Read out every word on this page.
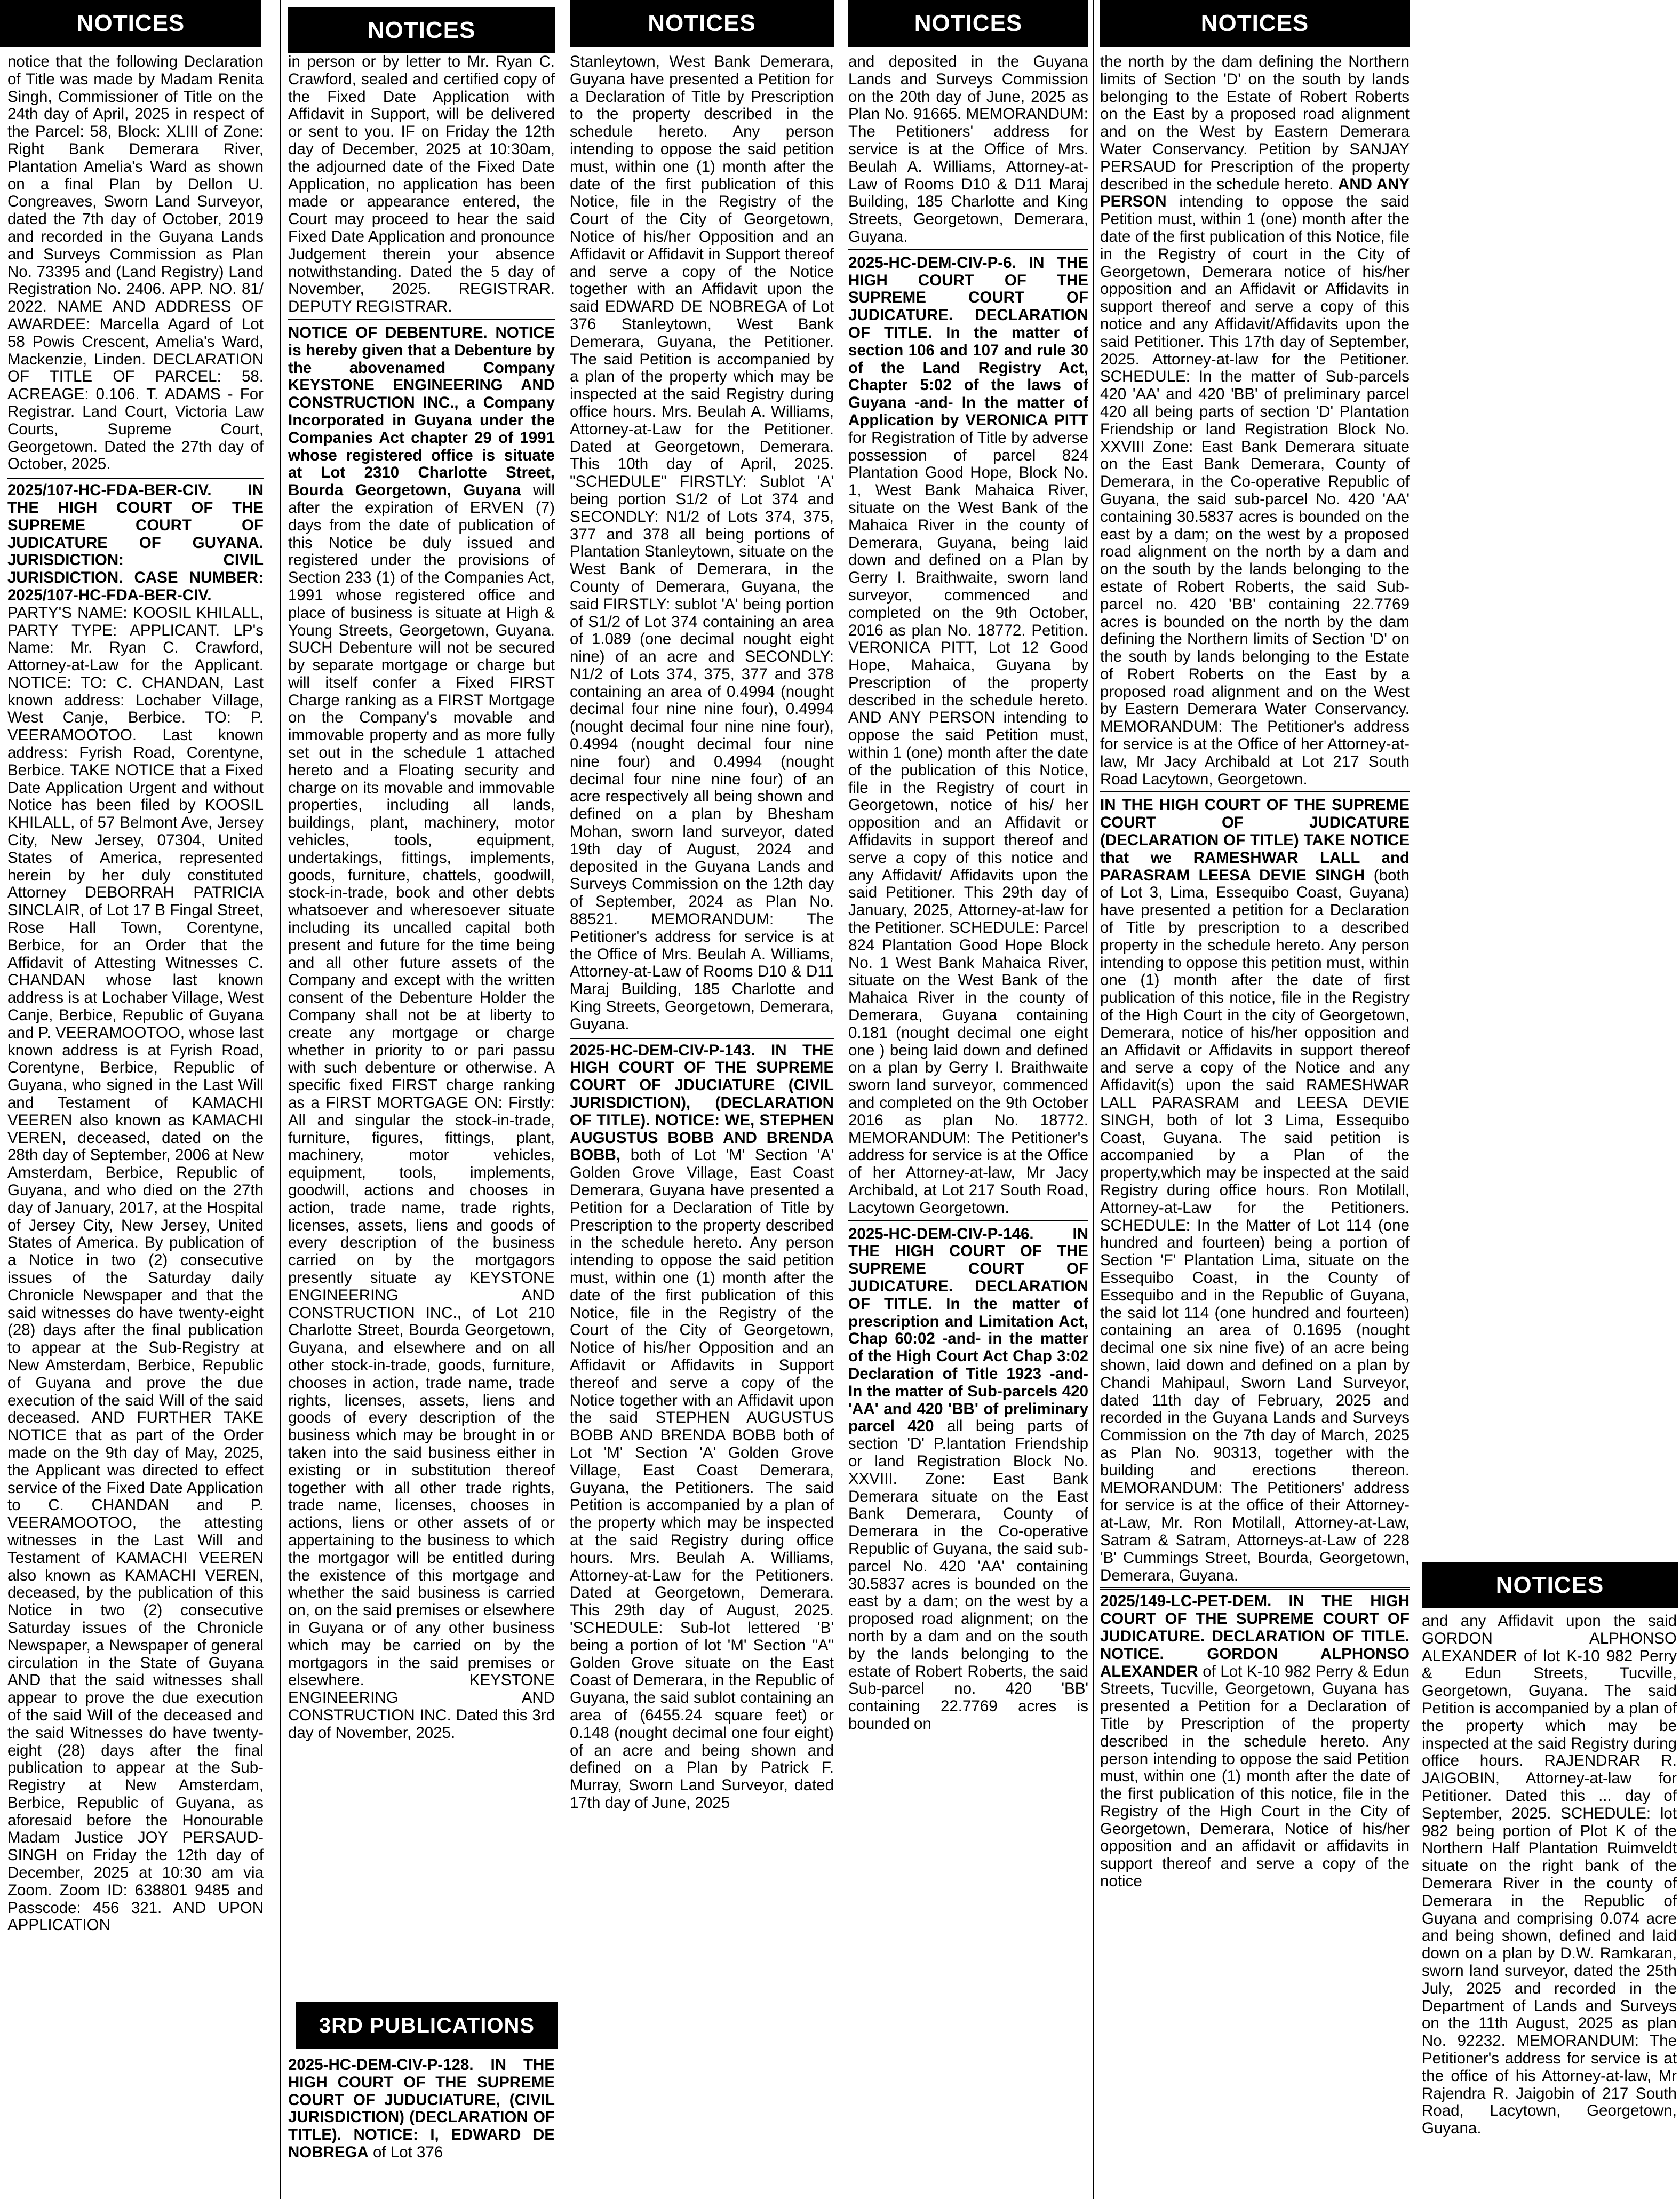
NOTICES	NOTICES	NOTICES	NOTICES	NOTICES
NOTICES
3RD PUBLICATIONS

notice that the following Declaration of Title was made by Madam Renita Singh, Commissioner of Title on the 24th day of April, 2025 in respect of the Parcel: 58, Block: XLIII of Zone: Right Bank Demerara River, Plantation Amelia's Ward as shown on a final Plan by Dellon U. Congreaves, Sworn Land Surveyor, dated the 7th day of October, 2019 and recorded in the Guyana Lands and Surveys Commission as Plan No. 73395 and (Land Registry) Land Registration No. 2406. APP. NO. 81/ 2022. NAME AND ADDRESS OF AWARDEE: Marcella Agard of Lot 58 Powis Crescent, Amelia's Ward, Mackenzie, Linden. DECLARATION OF TITLE OF PARCEL: 58. ACREAGE: 0.106. T. ADAMS - For Registrar. Land Court, Victoria Law Courts, Supreme Court, Georgetown. Dated the 27th day of October, 2025.

2025/107-HC-FDA-BER-CIV. IN THE HIGH COURT OF THE SUPREME COURT OF JUDICATURE OF GUYANA. JURISDICTION: CIVIL JURISDICTION. CASE NUMBER: 2025/107-HC-FDA-BER-CIV. PARTY'S NAME: KOOSIL KHILALL, PARTY TYPE: APPLICANT. LP's Name: Mr. Ryan C. Crawford, Attorney-at-Law for the Applicant. NOTICE: TO: C. CHANDAN, Last known address: Lochaber Village, West Canje, Berbice. TO: P. VEERAMOOTOO. Last known address: Fyrish Road, Corentyne, Berbice. TAKE NOTICE that a Fixed Date Application Urgent and without Notice has been filed by KOOSIL KHILALL, of 57 Belmont Ave, Jersey City, New Jersey, 07304, United States of America, represented herein by her duly constituted Attorney DEBORRAH PATRICIA SINCLAIR, of Lot 17 B Fingal Street, Rose Hall Town, Corentyne, Berbice, for an Order that the Affidavit of Attesting Witnesses C. CHANDAN whose last known address is at Lochaber Village, West Canje, Berbice, Republic of Guyana and P. VEERAMOOTOO, whose last known address is at Fyrish Road, Corentyne, Berbice, Republic of Guyana, who signed in the Last Will and Testament of KAMACHI VEEREN also known as KAMACHI VEREN, deceased, dated on the 28th day of September, 2006 at New Amsterdam, Berbice, Republic of Guyana, and who died on the 27th day of January, 2017, at the Hospital of Jersey City, New Jersey, United States of America. By publication of a Notice in two (2) consecutive issues of the Saturday daily Chronicle Newspaper and that the said witnesses do have twenty-eight (28) days after the final publication to appear at the Sub-Registry at New Amsterdam, Berbice, Republic of Guyana and prove the due execution of the said Will of the said deceased. AND FURTHER TAKE NOTICE that as part of the Order made on the 9th day of May, 2025, the Applicant was directed to effect service of the Fixed Date Application to C. CHANDAN and P. VEERAMOOTOO, the attesting witnesses in the Last Will and Testament of KAMACHI VEEREN also known as KAMACHI VEREN, deceased, by the publication of this Notice in two (2) consecutive Saturday issues of the Chronicle Newspaper, a Newspaper of general circulation in the State of Guyana AND that the said witnesses shall appear to prove the due execution of the said Will of the deceased and the said Witnesses do have twenty-eight (28) days after the final publication to appear at the Sub-Registry at New Amsterdam, Berbice, Republic of Guyana, as aforesaid before the Honourable Madam Justice JOY PERSAUD-SINGH on Friday the 12th day of December, 2025 at 10:30 am via Zoom. Zoom ID: 638801 9485 and Passcode: 456 321. AND UPON APPLICATION

in person or by letter to Mr. Ryan C. Crawford, sealed and certified copy of the Fixed Date Application with Affidavit in Support, will be delivered or sent to you. IF on Friday the 12th day of December, 2025 at 10:30am, the adjourned date of the Fixed Date Application, no application has been made or appearance entered, the Court may proceed to hear the said Fixed Date Application and pronounce Judgement therein your absence notwithstanding. Dated the 5 day of November, 2025. REGISTRAR. DEPUTY REGISTRAR.

NOTICE OF DEBENTURE. NOTICE is hereby given that a Debenture by the abovenamed Company KEYSTONE ENGINEERING AND CONSTRUCTION INC., a Company Incorporated in Guyana under the Companies Act chapter 29 of 1991 whose registered office is situate at Lot 2310 Charlotte Street, Bourda Georgetown, Guyana will after the expiration of ERVEN (7) days from the date of publication of this Notice be duly issued and registered under the provisions of Section 233 (1) of the Companies Act, 1991 whose registered office and place of business is situate at High & Young Streets, Georgetown, Guyana. SUCH Debenture will not be secured by separate mortgage or charge but will itself confer a Fixed FIRST Charge ranking as a FIRST Mortgage on the Company's movable and immovable property and as more fully set out in the schedule 1 attached hereto and a Floating security and charge on its movable and immovable properties, including all lands, buildings, plant, machinery, motor vehicles, tools, equipment, undertakings, fittings, implements, goods, furniture, chattels, goodwill, stock-in-trade, book and other debts whatsoever and wheresoever situate including its uncalled capital both present and future for the time being and all other future assets of the Company and except with the written consent of the Debenture Holder the Company shall not be at liberty to create any mortgage or charge whether in priority to or pari passu with such debenture or otherwise. A specific fixed FIRST charge ranking as a FIRST MORTGAGE ON: Firstly: All and singular the stock-in-trade, furniture, figures, fittings, plant, machinery, motor vehicles, equipment, tools, implements, goodwill, actions and chooses in action, trade name, trade rights, licenses, assets, liens and goods of every description of the business carried on by the mortgagors presently situate ay KEYSTONE ENGINEERING AND CONSTRUCTION INC., of Lot 210 Charlotte Street, Bourda Georgetown, Guyana, and elsewhere and on all other stock-in-trade, goods, furniture, chooses in action, trade name, trade rights, licenses, assets, liens and goods of every description of the business which may be brought in or taken into the said business either in existing or in substitution thereof together with all other trade rights, trade name, licenses, chooses in actions, liens or other assets of or appertaining to the business to which the mortgagor will be entitled during the existence of this mortgage and whether the said business is carried on, on the said premises or elsewhere in Guyana or of any other business which may be carried on by the mortgagors in the said premises or elsewhere. KEYSTONE ENGINEERING AND CONSTRUCTION INC. Dated this 3rd day of November, 2025.

2025-HC-DEM-CIV-P-128. IN THE HIGH COURT OF THE SUPREME COURT OF JUDUCIATURE, (CIVIL JURISDICTION) (DECLARATION OF TITLE). NOTICE: I, EDWARD DE NOBREGA of Lot 376

Stanleytown, West Bank Demerara, Guyana have presented a Petition for a Declaration of Title by Prescription to the property described in the schedule hereto. Any person intending to oppose the said petition must, within one (1) month after the date of the first publication of this Notice, file in the Registry of the Court of the City of Georgetown, Notice of his/her Opposition and an Affidavit or Affidavit in Support thereof and serve a copy of the Notice together with an Affidavit upon the said EDWARD DE NOBREGA of Lot 376 Stanleytown, West Bank Demerara, Guyana, the Petitioner. The said Petition is accompanied by a plan of the property which may be inspected at the said Registry during office hours. Mrs. Beulah A. Williams, Attorney-at-Law for the Petitioner. Dated at Georgetown, Demerara. This 10th day of April, 2025. "SCHEDULE" FIRSTLY: Sublot 'A' being portion S1/2 of Lot 374 and SECONDLY: N1/2 of Lots 374, 375, 377 and 378 all being portions of Plantation Stanleytown, situate on the West Bank of Demerara, in the County of Demerara, Guyana, the said FIRSTLY: sublot 'A' being portion of S1/2 of Lot 374 containing an area of 1.089 (one decimal nought eight nine) of an acre and SECONDLY: N1/2 of Lots 374, 375, 377 and 378 containing an area of 0.4994 (nought decimal four nine nine four), 0.4994 (nought decimal four nine nine four), 0.4994 (nought decimal four nine nine four) and 0.4994 (nought decimal four nine nine four) of an acre respectively all being shown and defined on a plan by Bhesham Mohan, sworn land surveyor, dated 19th day of August, 2024 and deposited in the Guyana Lands and Surveys Commission on the 12th day of September, 2024 as Plan No. 88521. MEMORANDUM: The Petitioner's address for service is at the Office of Mrs. Beulah A. Williams, Attorney-at-Law of Rooms D10 & D11 Maraj Building, 185 Charlotte and King Streets, Georgetown, Demerara, Guyana.

2025-HC-DEM-CIV-P-143. IN THE HIGH COURT OF THE SUPREME COURT OF JDUCIATURE (CIVIL JURISDICTION), (DECLARATION OF TITLE). NOTICE: WE, STEPHEN AUGUSTUS BOBB AND BRENDA BOBB, both of Lot 'M' Section 'A' Golden Grove Village, East Coast Demerara, Guyana have presented a Petition for a Declaration of Title by Prescription to the property described in the schedule hereto. Any person intending to oppose the said petition must, within one (1) month after the date of the first publication of this Notice, file in the Registry of the Court of the City of Georgetown, Notice of his/her Opposition and an Affidavit or Affidavits in Support thereof and serve a copy of the Notice together with an Affidavit upon the said STEPHEN AUGUSTUS BOBB AND BRENDA BOBB both of Lot 'M' Section 'A' Golden Grove Village, East Coast Demerara, Guyana, the Petitioners. The said Petition is accompanied by a plan of the property which may be inspected at the said Registry during office hours. Mrs. Beulah A. Williams, Attorney-at-Law for the Petitioners. Dated at Georgetown, Demerara. This 29th day of August, 2025. 'SCHEDULE: Sub-lot lettered 'B' being a portion of lot 'M' Section "A" Golden Grove situate on the East Coast of Demerara, in the Republic of Guyana, the said sublot containing an area of (6455.24 square feet) or 0.148 (nought decimal one four eight) of an acre and being shown and defined on a Plan by Patrick F. Murray, Sworn Land Surveyor, dated 17th day of June, 2025

and deposited in the Guyana Lands and Surveys Commission on the 20th day of June, 2025 as Plan No. 91665. MEMORANDUM: The Petitioners' address for service is at the Office of Mrs. Beulah A. Williams, Attorney-at-Law of Rooms D10 & D11 Maraj Building, 185 Charlotte and King Streets, Georgetown, Demerara, Guyana.

2025-HC-DEM-CIV-P-6. IN THE HIGH COURT OF THE SUPREME COURT OF JUDICATURE. DECLARATION OF TITLE. In the matter of section 106 and 107 and rule 30 of the Land Registry Act, Chapter 5:02 of the laws of Guyana -and- In the matter of Application by VERONICA PITT for Registration of Title by adverse possession of parcel 824 Plantation Good Hope, Block No. 1, West Bank Mahaica River, situate on the West Bank of the Mahaica River in the county of Demerara, Guyana, being laid down and defined on a Plan by Gerry I. Braithwaite, sworn land surveyor, commenced and completed on the 9th October, 2016 as plan No. 18772. Petition. VERONICA PITT, Lot 12 Good Hope, Mahaica, Guyana by Prescription of the property described in the schedule hereto. AND ANY PERSON intending to oppose the said Petition must, within 1 (one) month after the date of the publication of this Notice, file in the Registry of court in Georgetown, notice of his/ her opposition and an Affidavit or Affidavits in support thereof and serve a copy of this notice and any Affidavit/ Affidavits upon the said Petitioner. This 29th day of January, 2025, Attorney-at-law for the Petitioner. SCHEDULE: Parcel 824 Plantation Good Hope Block No. 1 West Bank Mahaica River, situate on the West Bank of the Mahaica River in the county of Demerara, Guyana containing 0.181 (nought decimal one eight one ) being laid down and defined on a plan by Gerry I. Braithwaite sworn land surveyor, commenced and completed on the 9th October 2016 as plan No. 18772. MEMORANDUM: The Petitioner's address for service is at the Office of her Attorney-at-law, Mr Jacy Archibald, at Lot 217 South Road, Lacytown Georgetown.

2025-HC-DEM-CIV-P-146. IN THE HIGH COURT OF THE SUPREME COURT OF JUDICATURE. DECLARATION OF TITLE. In the matter of prescription and Limitation Act, Chap 60:02 -and- in the matter of the High Court Act Chap 3:02 Declaration of Title 1923 -and- In the matter of Sub-parcels 420 'AA' and 420 'BB' of preliminary parcel 420 all being parts of section 'D' P.lantation Friendship or land Registration Block No. XXVIII. Zone: East Bank Demerara situate on the East Bank Demerara, County of Demerara in the Co-operative Republic of Guyana, the said sub-parcel No. 420 'AA' containing 30.5837 acres is bounded on the east by a dam; on the west by a proposed road alignment; on the north by a dam and on the south by the lands belonging to the estate of Robert Roberts, the said Sub-parcel no. 420 'BB' containing 22.7769 acres is bounded on

the north by the dam defining the Northern limits of Section 'D' on the south by lands belonging to the Estate of Robert Roberts on the East by a proposed road alignment and on the West by Eastern Demerara Water Conservancy. Petition by SANJAY PERSAUD for Prescription of the property described in the schedule hereto. AND ANY PERSON intending to oppose the said Petition must, within 1 (one) month after the date of the first publication of this Notice, file in the Registry of court in the City of Georgetown, Demerara notice of his/her opposition and an Affidavit or Affidavits in support thereof and serve a copy of this notice and any Affidavit/Affidavits upon the said Petitioner. This 17th day of September, 2025. Attorney-at-law for the Petitioner. SCHEDULE: In the matter of Sub-parcels 420 'AA' and 420 'BB' of preliminary parcel 420 all being parts of section 'D' Plantation Friendship or land Registration Block No. XXVIII Zone: East Bank Demerara situate on the East Bank Demerara, County of Demerara, in the Co-operative Republic of Guyana, the said sub-parcel No. 420 'AA' containing 30.5837 acres is bounded on the east by a dam; on the west by a proposed road alignment on the north by a dam and on the south by the lands belonging to the estate of Robert Roberts, the said Sub-parcel no. 420 'BB' containing 22.7769 acres is bounded on the north by the dam defining the Northern limits of Section 'D' on the south by lands belonging to the Estate of Robert Roberts on the East by a proposed road alignment and on the West by Eastern Demerara Water Conservancy. MEMORANDUM: The Petitioner's address for service is at the Office of her Attorney-at-law, Mr Jacy Archibald at Lot 217 South Road Lacytown, Georgetown.

IN THE HIGH COURT OF THE SUPREME COURT OF JUDICATURE (DECLARATION OF TITLE) TAKE NOTICE that we RAMESHWAR LALL and PARASRAM LEESA DEVIE SINGH (both of Lot 3, Lima, Essequibo Coast, Guyana) have presented a petition for a Declaration of Title by prescription to a described property in the schedule hereto. Any person intending to oppose this petition must, within one (1) month after the date of first publication of this notice, file in the Registry of the High Court in the city of Georgetown, Demerara, notice of his/her opposition and an Affidavit or Affidavits in support thereof and serve a copy of the Notice and any Affidavit(s) upon the said RAMESHWAR LALL PARASRAM and LEESA DEVIE SINGH, both of lot 3 Lima, Essequibo Coast, Guyana. The said petition is accompanied by a Plan of the property,which may be inspected at the said Registry during office hours. Ron Motilall, Attorney-at-Law for the Petitioners. SCHEDULE: In the Matter of Lot 114 (one hundred and fourteen) being a portion of Section 'F' Plantation Lima, situate on the Essequibo Coast, in the County of Essequibo and in the Republic of Guyana, the said lot 114 (one hundred and fourteen) containing an area of 0.1695 (nought decimal one six nine five) of an acre being shown, laid down and defined on a plan by Chandi Mahipaul, Sworn Land Surveyor, dated 11th day of February, 2025 and recorded in the Guyana Lands and Surveys Commission on the 7th day of March, 2025 as Plan No. 90313, together with the building and erections thereon. MEMORANDUM: The Petitioners' address for service is at the office of their Attorney-at-Law, Mr. Ron Motilall, Attorney-at-Law, Satram & Satram, Attorneys-at-Law of 228 'B' Cummings Street, Bourda, Georgetown, Demerara, Guyana.

2025/149-LC-PET-DEM. IN THE HIGH COURT OF THE SUPREME COURT OF JUDICATURE. DECLARATION OF TITLE. NOTICE. GORDON ALPHONSO ALEXANDER of Lot K-10 982 Perry & Edun Streets, Tucville, Georgetown, Guyana has presented a Petition for a Declaration of Title by Prescription of the property described in the schedule hereto. Any person intending to oppose the said Petition must, within one (1) month after the date of the first publication of this notice, file in the Registry of the High Court in the City of Georgetown, Demerara, Notice of his/her opposition and an affidavit or affidavits in support thereof and serve a copy of the notice

and any Affidavit upon the said GORDON ALPHONSO ALEXANDER of lot K-10 982 Perry & Edun Streets, Tucville, Georgetown, Guyana. The said Petition is accompanied by a plan of the property which may be inspected at the said Registry during office hours. RAJENDRAR R. JAIGOBIN, Attorney-at-law for Petitioner. Dated this ... day of September, 2025. SCHEDULE: lot 982 being portion of Plot K of the Northern Half Plantation Ruimveldt situate on the right bank of the Demerara River in the county of Demerara in the Republic of Guyana and comprising 0.074 acre and being shown, defined and laid down on a plan by D.W. Ramkaran, sworn land surveyor, dated the 25th July, 2025 and recorded in the Department of Lands and Surveys on the 11th August, 2025 as plan No. 92232. MEMORANDUM: The Petitioner's address for service is at the office of his Attorney-at-law, Mr Rajendra R. Jaigobin of 217 South Road, Lacytown, Georgetown, Guyana.
